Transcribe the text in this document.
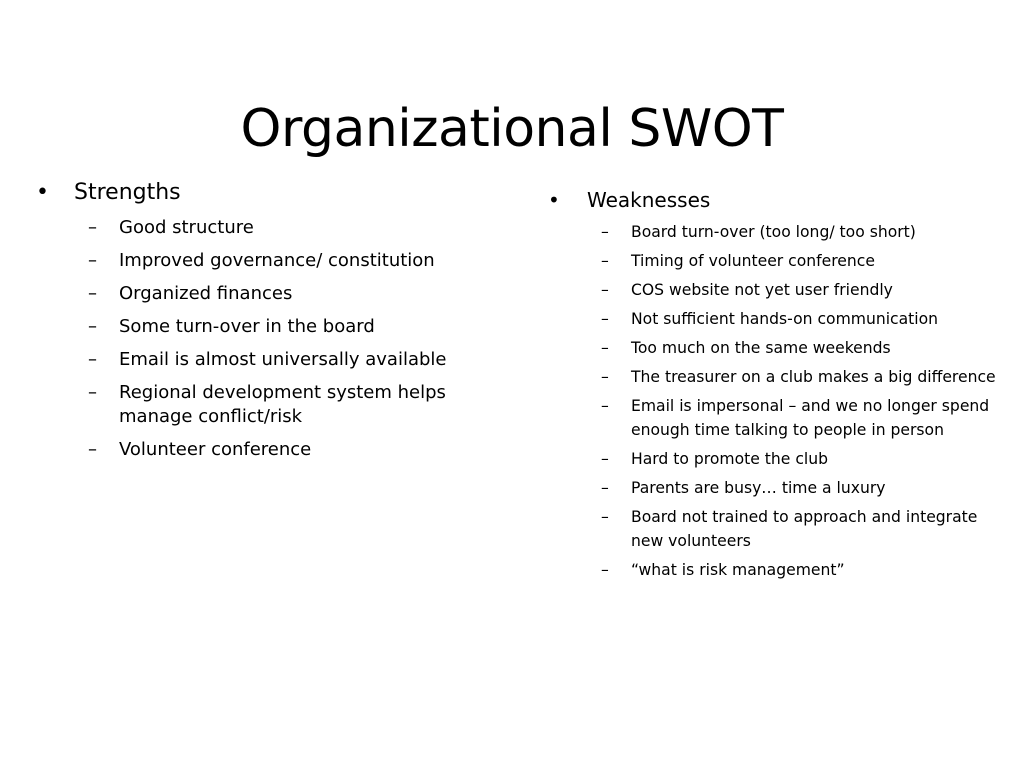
Organizational SWOT
• Strengths
– Good structure
– Improved governance/ constitution
– Organized finances
– Some turn-over in the board
– Email is almost universally available
– Regional development system helps manage conflict/risk
– Volunteer conference
• Weaknesses
– Board turn-over (too long/ too short)
– Timing of volunteer conference
– COS website not yet user friendly
– Not sufficient hands-on communication
– Too much on the same weekends
– The treasurer on a club makes a big difference
– Email is impersonal – and we no longer spend enough time talking to people in person
– Hard to promote the club
– Parents are busy… time a luxury
– Board not trained to approach and integrate new volunteers
– “what is risk management”
